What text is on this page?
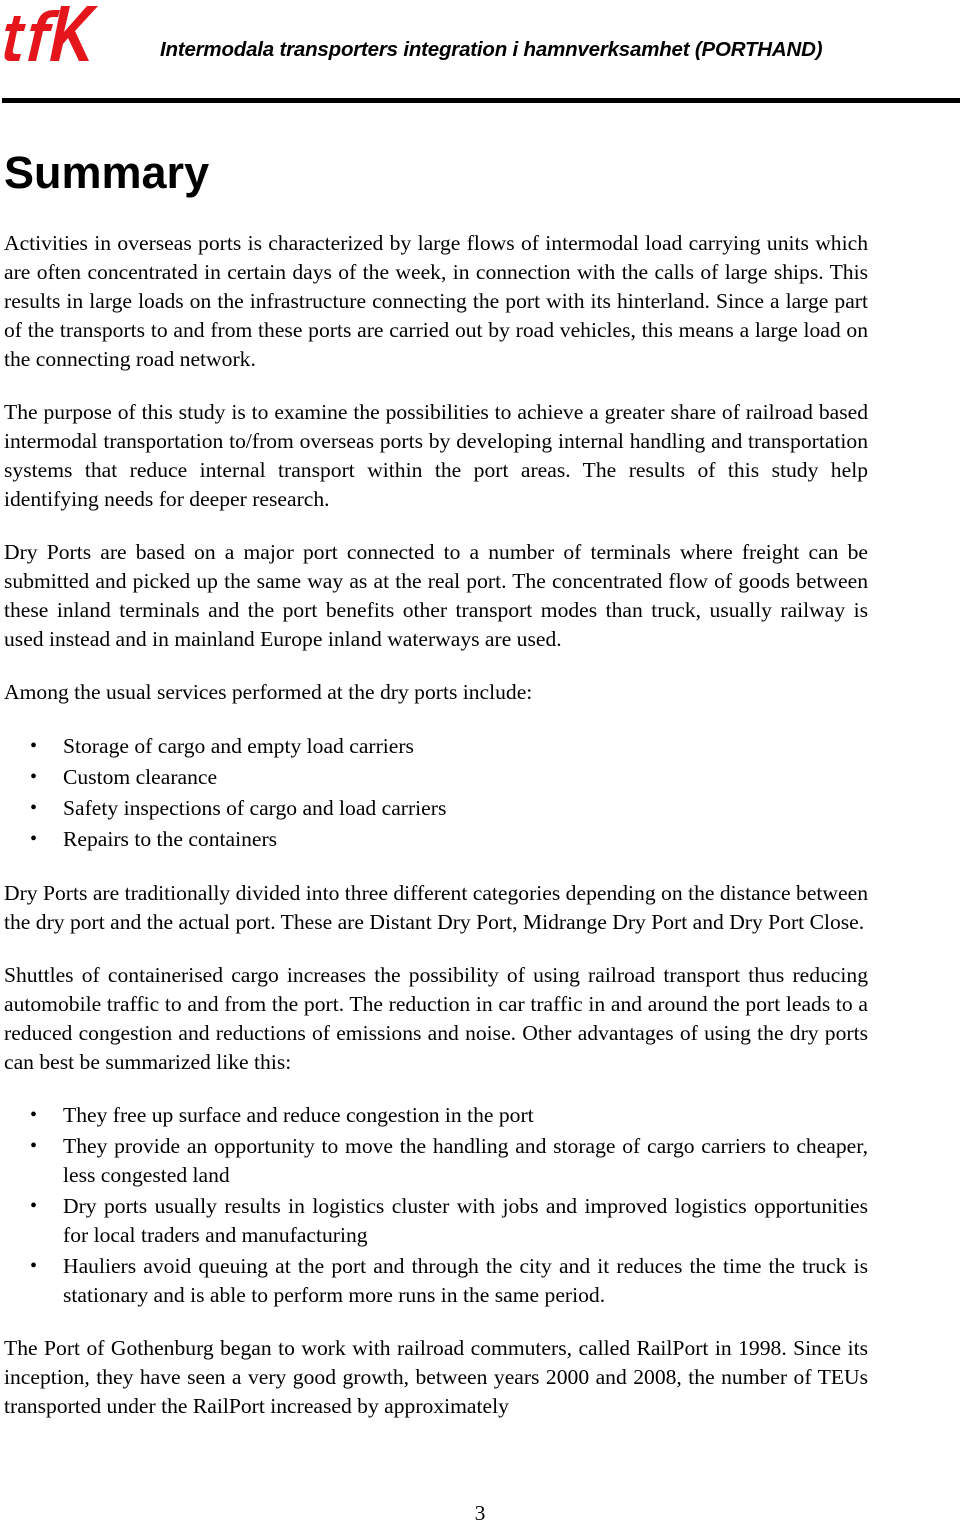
Intermodala transporters integration i hamnverksamhet (PORTHAND)
Summary

Activities in overseas ports is characterized by large flows of intermodal load carrying units which are often concentrated in certain days of the week, in connection with the calls of large ships. This results in large loads on the infrastructure connecting the port with its hinterland. Since a large part of the transports to and from these ports are carried out by road vehicles, this means a large load on the connecting road network.

The purpose of this study is to examine the possibilities to achieve a greater share of railroad based intermodal transportation to/from overseas ports by developing internal handling and transportation systems that reduce internal transport within the port areas. The results of this study help identifying needs for deeper research.

Dry Ports are based on a major port connected to a number of terminals where freight can be submitted and picked up the same way as at the real port. The concentrated flow of goods between these inland terminals and the port benefits other transport modes than truck, usually railway is used instead and in mainland Europe inland waterways are used.

Among the usual services performed at the dry ports include:

• Storage of cargo and empty load carriers
• Custom clearance
• Safety inspections of cargo and load carriers
• Repairs to the containers

Dry Ports are traditionally divided into three different categories depending on the distance between the dry port and the actual port. These are Distant Dry Port, Midrange Dry Port and Dry Port Close.

Shuttles of containerised cargo increases the possibility of using railroad transport thus reducing automobile traffic to and from the port. The reduction in car traffic in and around the port leads to a reduced congestion and reductions of emissions and noise. Other advantages of using the dry ports can best be summarized like this:

• They free up surface and reduce congestion in the port
• They provide an opportunity to move the handling and storage of cargo carriers to cheaper, less congested land
• Dry ports usually results in logistics cluster with jobs and improved logistics opportunities for local traders and manufacturing
• Hauliers avoid queuing at the port and through the city and it reduces the time the truck is stationary and is able to perform more runs in the same period.

The Port of Gothenburg began to work with railroad commuters, called RailPort in 1998. Since its inception, they have seen a very good growth, between years 2000 and 2008, the number of TEUs transported under the RailPort increased by approximately

3
